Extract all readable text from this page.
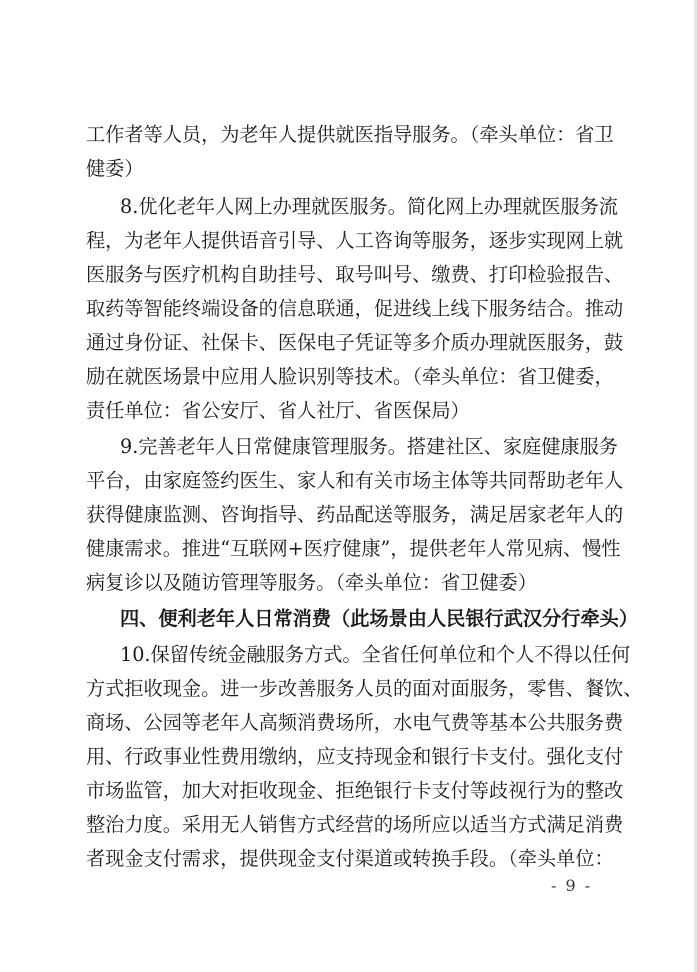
工作者等人员，为老年人提供就医指导服务。（牵头单位：省卫
健委）
8.优化老年人网上办理就医服务。简化网上办理就医服务流
程，为老年人提供语音引导、人工咨询等服务，逐步实现网上就
医服务与医疗机构自助挂号、取号叫号、缴费、打印检验报告、
取药等智能终端设备的信息联通，促进线上线下服务结合。推动
通过身份证、社保卡、医保电子凭证等多介质办理就医服务，鼓
励在就医场景中应用人脸识别等技术。（牵头单位：省卫健委，
责任单位：省公安厅、省人社厅、省医保局）
9.完善老年人日常健康管理服务。搭建社区、家庭健康服务
平台，由家庭签约医生、家人和有关市场主体等共同帮助老年人
获得健康监测、咨询指导、药品配送等服务，满足居家老年人的
健康需求。推进“互联网+医疗健康”，提供老年人常见病、慢性
病复诊以及随访管理等服务。（牵头单位：省卫健委）
四、便利老年人日常消费（此场景由人民银行武汉分行牵头）
10.保留传统金融服务方式。全省任何单位和个人不得以任何
方式拒收现金。进一步改善服务人员的面对面服务，零售、餐饮、
商场、公园等老年人高频消费场所，水电气费等基本公共服务费
用、行政事业性费用缴纳，应支持现金和银行卡支付。强化支付
市场监管，加大对拒收现金、拒绝银行卡支付等歧视行为的整改
整治力度。采用无人销售方式经营的场所应以适当方式满足消费
者现金支付需求，提供现金支付渠道或转换手段。（牵头单位：
- 9 -
